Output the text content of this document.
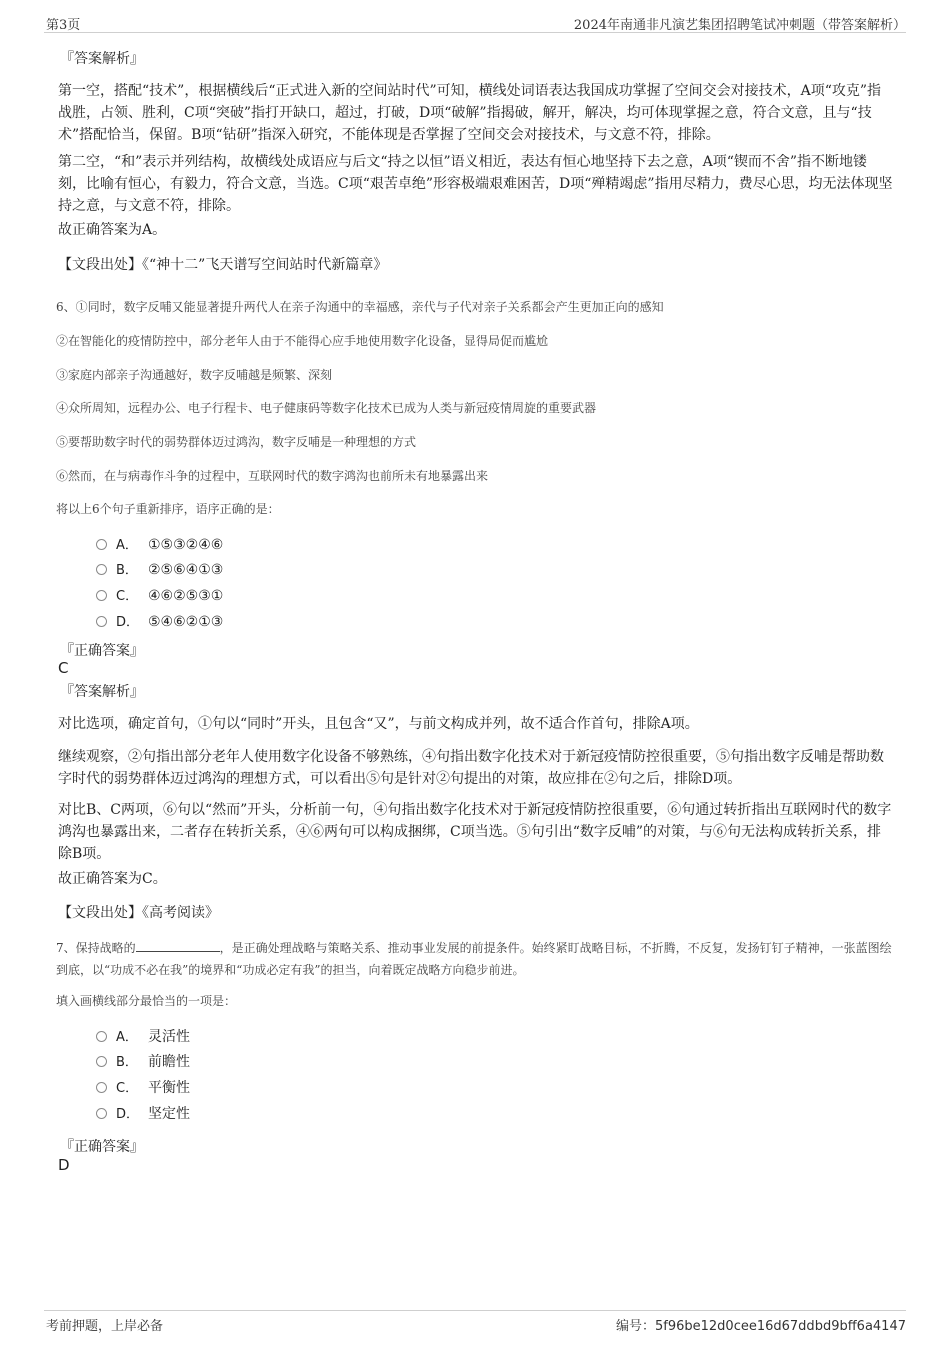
第3页	2024年南通非凡演艺集团招聘笔试冲刺题（带答案解析）
『答案解析』
第一空，搭配“技术”，根据横线后“正式进入新的空间站时代”可知，横线处词语表达我国成功掌握了空间交会对接技术，A项“攻克”指战胜，占领、胜利，C项“突破”指打开缺口，超过，打破，D项“破解”指揭破，解开，解决，均可体现掌握之意，符合文意，且与“技术”搭配恰当，保留。B项“钻研”指深入研究，不能体现是否掌握了空间交会对接技术，与文意不符，排除。
第二空，“和”表示并列结构，故横线处成语应与后文“持之以恒”语义相近，表达有恒心地坚持下去之意，A项“锲而不舍”指不断地镂刻，比喻有恒心，有毅力，符合文意，当选。C项“艰苦卓绝”形容极端艰难困苦，D项“殚精竭虑”指用尽精力，费尽心思，均无法体现坚持之意，与文意不符，排除。
故正确答案为A。
【文段出处】《“神十二”飞天谱写空间站时代新篇章》
6、①同时，数字反哺又能显著提升两代人在亲子沟通中的幸福感，亲代与子代对亲子关系都会产生更加正向的感知
②在智能化的疫情防控中，部分老年人由于不能得心应手地使用数字化设备，显得局促而尴尬
③家庭内部亲子沟通越好，数字反哺越是频繁、深刻
④众所周知，远程办公、电子行程卡、电子健康码等数字化技术已成为人类与新冠疫情周旋的重要武器
⑤要帮助数字时代的弱势群体迈过鸿沟，数字反哺是一种理想的方式
⑥然而，在与病毒作斗争的过程中，互联网时代的数字鸿沟也前所未有地暴露出来
将以上6个句子重新排序，语序正确的是：
A． ①⑤③②④⑥
B． ②⑤⑥④①③
C． ④⑥②⑤③①
D． ⑤④⑥②①③
『正确答案』
C
『答案解析』
对比选项，确定首句，①句以“同时”开头，且包含“又”，与前文构成并列，故不适合作首句，排除A项。
继续观察，②句指出部分老年人使用数字化设备不够熟练，④句指出数字化技术对于新冠疫情防控很重要，⑤句指出数字反哺是帮助数字时代的弱势群体迈过鸿沟的理想方式，可以看出⑤句是针对②句提出的对策，故应排在②句之后，排除D项。
对比B、C两项，⑥句以“然而”开头，分析前一句，④句指出数字化技术对于新冠疫情防控很重要，⑥句通过转折指出互联网时代的数字鸿沟也暴露出来，二者存在转折关系，④⑥两句可以构成捆绑，C项当选。⑤句引出“数字反哺”的对策，与⑥句无法构成转折关系，排除B项。
故正确答案为C。
【文段出处】《高考阅读》
7、保持战略的	，是正确处理战略与策略关系、推动事业发展的前提条件。始终紧盯战略目标，不折腾，不反复，发扬钉钉子精神，一张蓝图绘到底，以“功成不必在我”的境界和“功成必定有我”的担当，向着既定战略方向稳步前进。
填入画横线部分最恰当的一项是：
A． 灵活性
B． 前瞻性
C． 平衡性
D． 坚定性
『正确答案』
D
考前押题，上岸必备	编号：5f96be12d0cee16d67ddbd9bff6a4147
